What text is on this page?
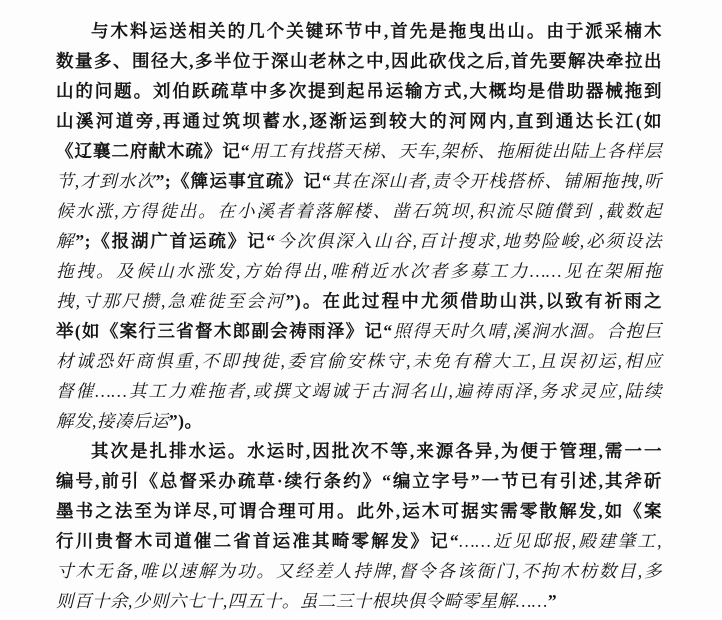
与木料运送相关的几个关键环节中,首先是拖曳出山。由于派采楠木
数量多、围径大,多半位于深山老林之中,因此砍伐之后,首先要解决牵拉出
山的问题。刘伯跃疏草中多次提到起吊运输方式,大概均是借助器械拖到
山溪河道旁,再通过筑坝蓄水,逐渐运到较大的河网内,直到通达长江(如
《辽襄二府献木疏》记“用工有找搭天梯、天车,架桥、拖厢徙出陆上各样层
节,才到水次”;《簰运事宜疏》记“其在深山者,责令开栈搭桥、铺厢拖拽,听
候水涨,方得徙出。在小溪者着落解楼、凿石筑坝,积流尽随儧到 ,截数起
解”;《报湖广首运疏》记“今次俱深入山谷,百计搜求,地势险峻,必须设法
拖拽。及候山水涨发,方始得出,唯稍近水次者多募工力……见在架厢拖
拽,寸那尺攒,急难徙至会河”)。在此过程中尤须借助山洪,以致有祈雨之
举(如《案行三省督木郎副会祷雨泽》记“照得天时久晴,溪涧水涸。合抱巨
材诚恐奸商惧重,不即拽徙,委官偷安株守,未免有稽大工,且误初运,相应
督催……其工力难拖者,或撰文竭诚于古洞名山,遍祷雨泽,务求灵应,陆续
解发,接凑后运”)。
其次是扎排水运。水运时,因批次不等,来源各异,为便于管理,需一一
编号,前引《总督采办疏草·续行条约》“编立字号”一节已有引述,其斧斫
墨书之法至为详尽,可谓合理可用。此外,运木可据实需零散解发,如《案
行川贵督木司道催二省首运准其畸零解发》记“……近见邸报,殿建肇工,
寸木无备,唯以速解为功。又经差人持牌,督令各该衙门,不拘木枋数目,多
则百十余,少则六七十,四五十。虽二三十根块俱令畸零星解……”
